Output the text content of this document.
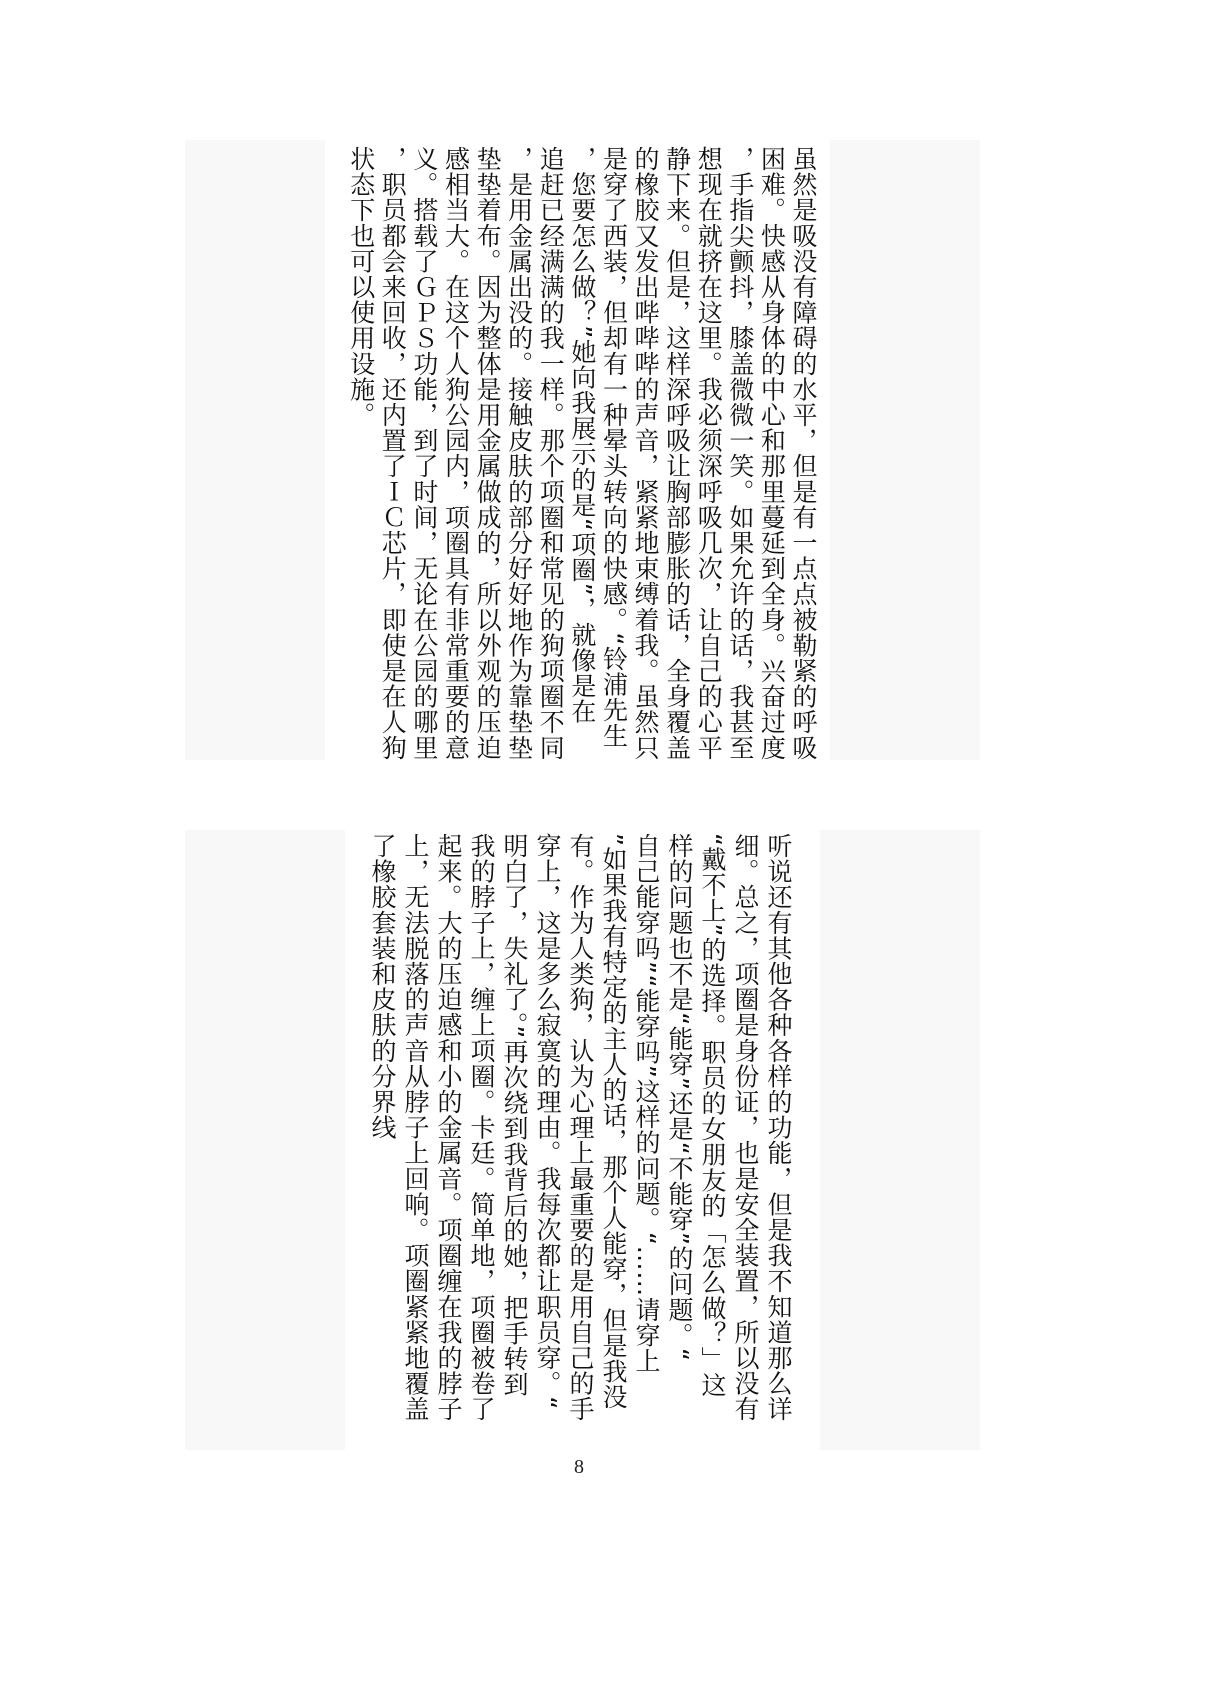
虽然是吸没有障碍的水平，但是有一点点被勒紧的呼吸
困难。快感从身体的中心和那里蔓延到全身。兴奋过度
，手指尖颤抖，膝盖微微一笑。如果允许的话，我甚至
想现在就挤在这里。我必须深呼吸几次，让自己的心平
静下来。但是，这样深呼吸让胸部膨胀的话，全身覆盖
的橡胶又发出哔哔哔的声音，紧紧地束缚着我。虽然只
是穿了西装，但却有一种晕头转向的快感。“铃浦先生
，您要怎么做？”她向我展示的是“项圈”，就像是在
追赶已经满满的我一样。那个项圈和常见的狗项圈不同
，是用金属出没的。接触皮肤的部分好好地作为靠垫垫
垫垫着布。因为整体是用金属做成的，所以外观的压迫
感相当大。在这个人狗公园内，项圈具有非常重要的意
义。搭载了ＧＰＳ功能，到了时间，无论在公园的哪里
，职员都会来回收，还内置了ＩＣ芯片，即使是在人狗
状态下也可以使用设施。
听说还有其他各种各样的功能，但是我不知道那么详
细。总之，项圈是身份证，也是安全装置，所以没有
“戴不上”的选择。职员的女朋友的「怎么做？」这
样的问题也不是“能穿”还是“不能穿”的问题。“
自己能穿吗”“能穿吗”这样的问题。“……请穿上
”如果我有特定的主人的话，那个人能穿，但是我没
有。作为人类狗，认为心理上最重要的是用自己的手
穿上，这是多么寂寞的理由。我每次都让职员穿。“
明白了，失礼了。”再次绕到我背后的她，把手转到
我的脖子上，缠上项圈。卡廷。简单地，项圈被卷了
起来。大的压迫感和小的金属音。项圈缠在我的脖子
上，无法脱落的声音从脖子上回响。项圈紧紧地覆盖
了橡胶套装和皮肤的分界线
8
